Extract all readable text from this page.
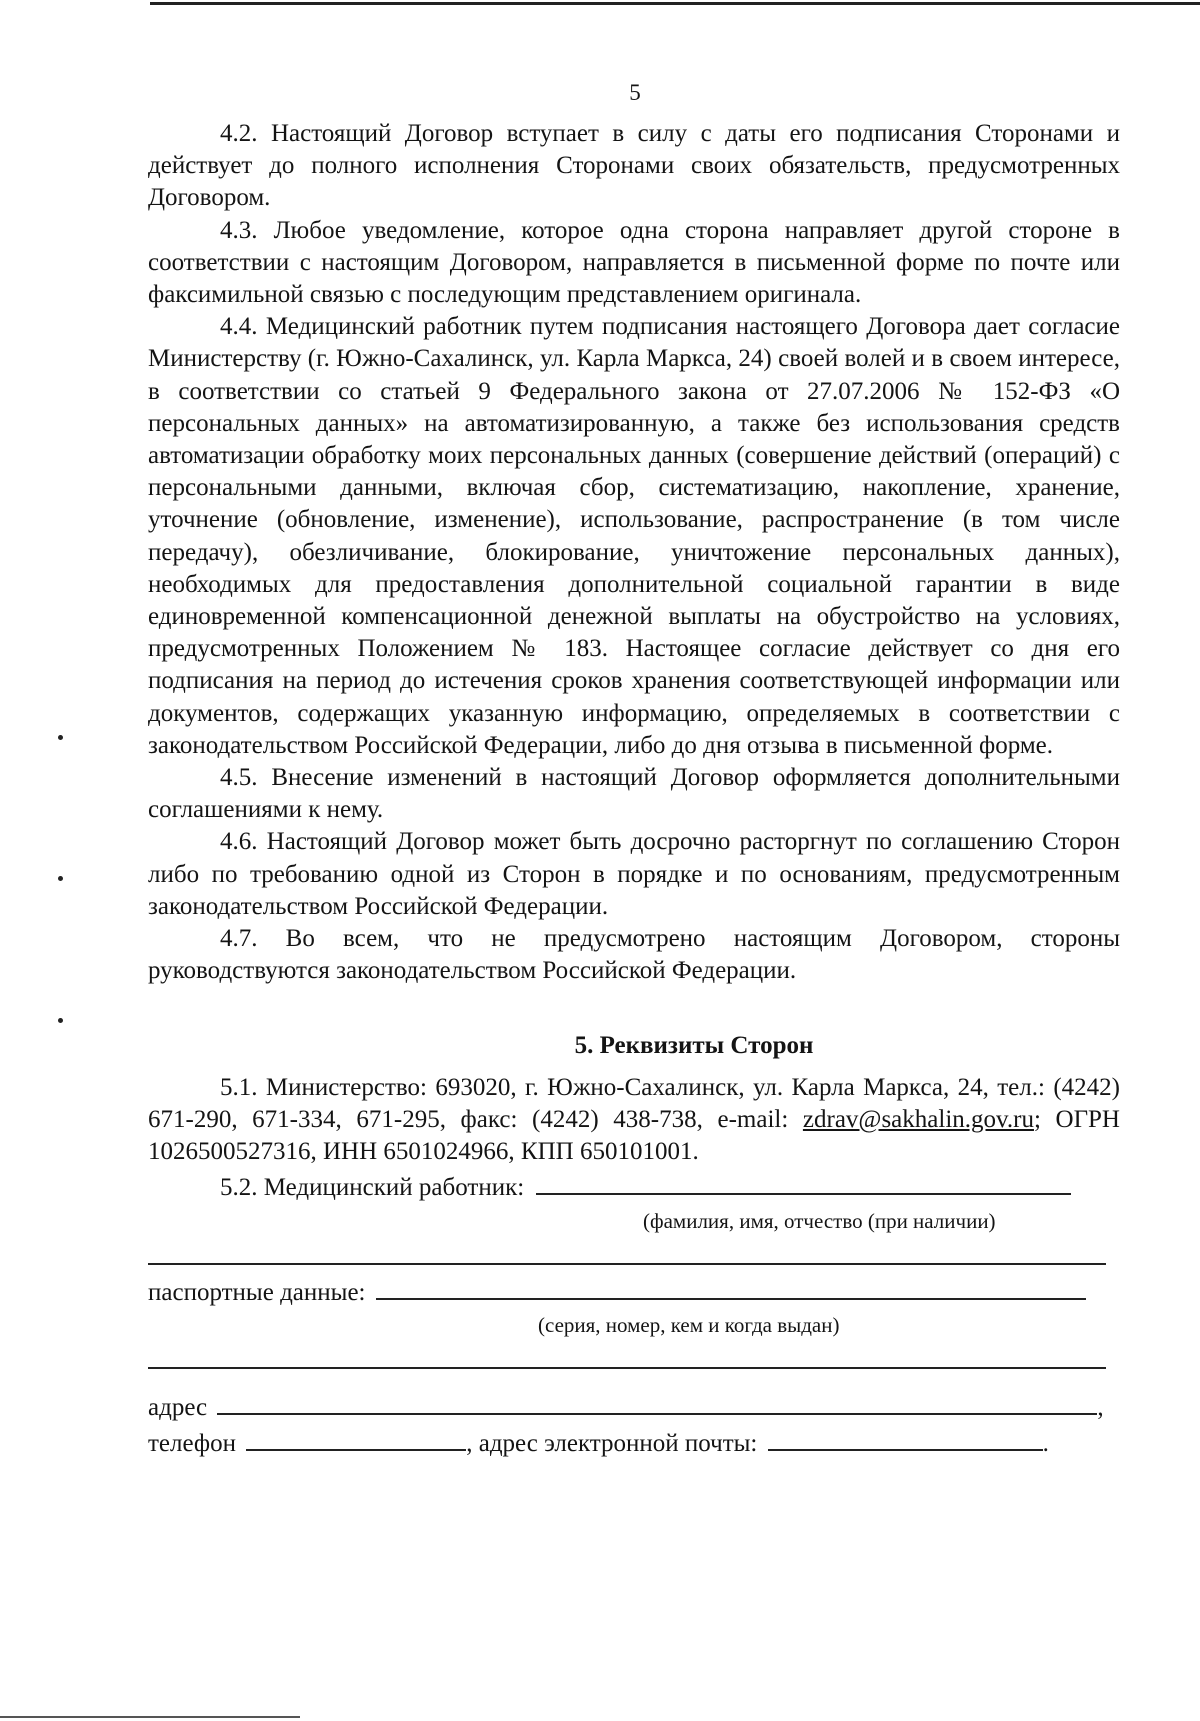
5

4.2. Настоящий Договор вступает в силу с даты его подписания Сторонами и действует до полного исполнения Сторонами своих обязательств, предусмотренных Договором.

4.3. Любое уведомление, которое одна сторона направляет другой стороне в соответствии с настоящим Договором, направляется в письменной форме по почте или факсимильной связью с последующим представлением оригинала.

4.4. Медицинский работник путем подписания настоящего Договора дает согласие Министерству (г. Южно-Сахалинск, ул. Карла Маркса, 24) своей волей и в своем интересе, в соответствии со статьей 9 Федерального закона от 27.07.2006 № 152-ФЗ «О персональных данных» на автоматизированную, а также без использования средств автоматизации обработку моих персональных данных (совершение действий (операций) с персональными данными, включая сбор, систематизацию, накопление, хранение, уточнение (обновление, изменение), использование, распространение (в том числе передачу), обезличивание, блокирование, уничтожение персональных данных), необходимых для предоставления дополнительной социальной гарантии в виде единовременной компенсационной денежной выплаты на обустройство на условиях, предусмотренных Положением № 183. Настоящее согласие действует со дня его подписания на период до истечения сроков хранения соответствующей информации или документов, содержащих указанную информацию, определяемых в соответствии с законодательством Российской Федерации, либо до дня отзыва в письменной форме.

4.5. Внесение изменений в настоящий Договор оформляется дополнительными соглашениями к нему.

4.6. Настоящий Договор может быть досрочно расторгнут по соглашению Сторон либо по требованию одной из Сторон в порядке и по основаниям, предусмотренным законодательством Российской Федерации.

4.7. Во всем, что не предусмотрено настоящим Договором, стороны руководствуются законодательством Российской Федерации.

5. Реквизиты Сторон

5.1. Министерство: 693020, г. Южно-Сахалинск, ул. Карла Маркса, 24, тел.: (4242) 671-290, 671-334, 671-295, факс: (4242) 438-738, e-mail: zdrav@sakhalin.gov.ru; ОГРН 1026500527316, ИНН 6501024966, КПП 650101001.

5.2. Медицинский работник:
(фамилия, имя, отчество (при наличии)
паспортные данные:
(серия, номер, кем и когда выдан)
адрес	,
телефон	, адрес электронной почты:	.
